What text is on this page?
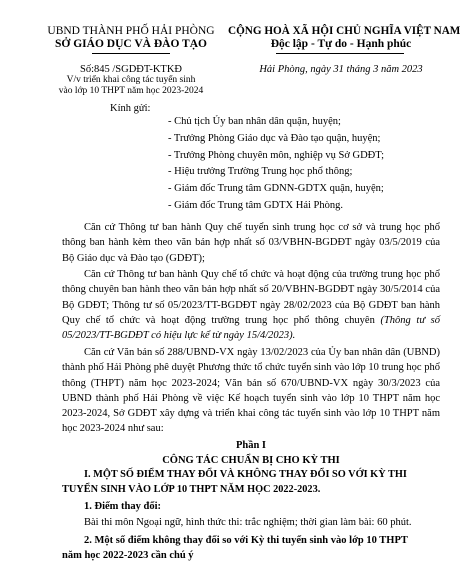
UBND THÀNH PHỐ HẢI PHÒNG
SỞ GIÁO DỤC VÀ ĐÀO TẠO
Số:845 /SGDĐT-KTKĐ
V/v triển khai công tác tuyển sinh
vào lớp 10 THPT năm học 2023-2024
CỘNG HOÀ XÃ HỘI CHỦ NGHĨA VIỆT NAM
Độc lập - Tự do - Hạnh phúc
Hải Phòng, ngày 31 tháng 3 năm 2023
Kính gửi:
- Chủ tịch Ủy ban nhân dân quận, huyện;
- Trưởng Phòng Giáo dục và Đào tạo quận, huyện;
- Trưởng Phòng chuyên môn, nghiệp vụ Sở GDĐT;
- Hiệu trưởng Trường Trung học phổ thông;
- Giám đốc Trung tâm GDNN-GDTX quận, huyện;
- Giám đốc Trung tâm GDTX Hải Phòng.
Căn cứ Thông tư ban hành Quy chế tuyển sinh trung học cơ sở và trung học phổ thông ban hành kèm theo văn bản hợp nhất số 03/VBHN-BGDĐT ngày 03/5/2019 của Bộ Giáo dục và Đào tạo (GDĐT);
Căn cứ Thông tư ban hành Quy chế tổ chức và hoạt động của trường trung học phổ thông chuyên ban hành theo văn bản hợp nhất số 20/VBHN-BGDĐT ngày 30/5/2014 của Bộ GDĐT; Thông tư số 05/2023/TT-BGDĐT ngày 28/02/2023 của Bộ GDĐT ban hành Quy chế tổ chức và hoạt động trường trung học phổ thông chuyên (Thông tư số 05/2023/TT-BGDĐT có hiệu lực kể từ ngày 15/4/2023).
Căn cứ Văn bản số 288/UBND-VX ngày 13/02/2023 của Ủy ban nhân dân (UBND) thành phố Hải Phòng phê duyệt Phương thức tổ chức tuyển sinh vào lớp 10 trung học phổ thông (THPT) năm học 2023-2024; Văn bản số 670/UBND-VX ngày 30/3/2023 của UBND thành phố Hải Phòng về việc Kế hoạch tuyển sinh vào lớp 10 THPT năm học 2023-2024, Sở GDĐT xây dựng và triển khai công tác tuyển sinh vào lớp 10 THPT năm học 2023-2024 như sau:
Phần I
CÔNG TÁC CHUẨN BỊ CHO KỲ THI
I. MỘT SỐ ĐIỂM THAY ĐỔI VÀ KHÔNG THAY ĐỔI SO VỚI KỲ THI
TUYỂN SINH VÀO LỚP 10 THPT NĂM HỌC 2022-2023.
1. Điểm thay đổi:
Bài thi môn Ngoại ngữ, hình thức thi: trắc nghiệm; thời gian làm bài: 60 phút.
2. Một số điểm không thay đổi so với Kỳ thi tuyển sinh vào lớp 10 THPT
năm học 2022-2023 cần chú ý
